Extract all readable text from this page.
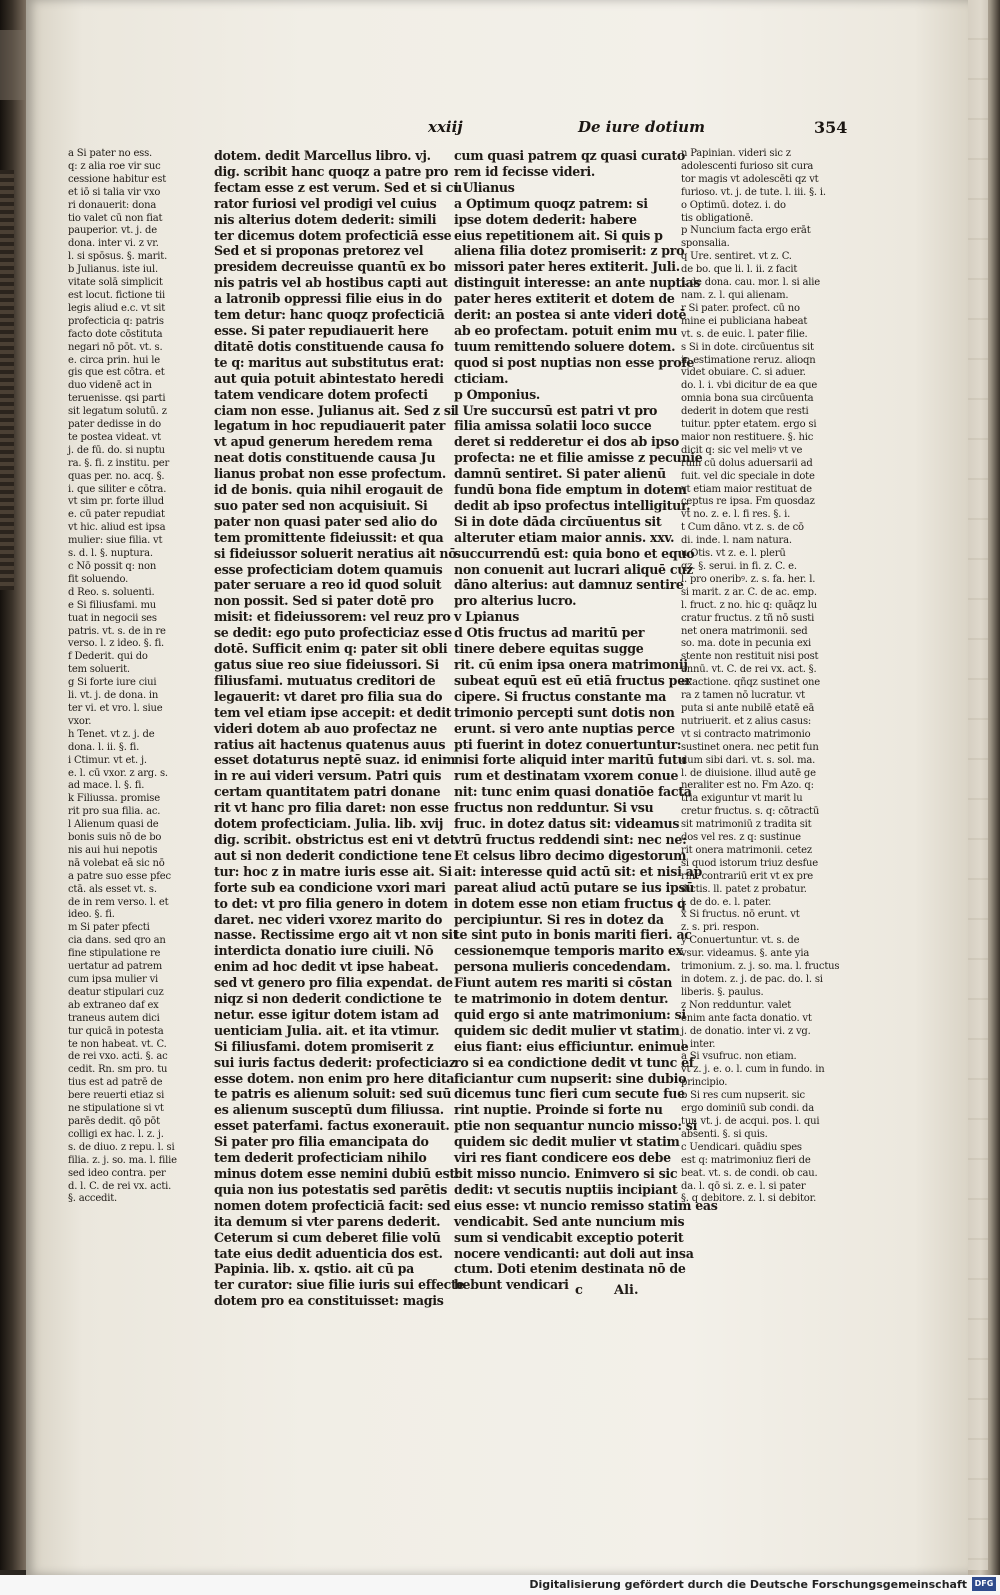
xxiij	De iure dotium	354

a Si pater no ess.

q: z alia roe vir suc

cessione habitur est

et iō si talia vir vxo

ri donauerit: dona

tio valet cū non fiat

pauperior. vt. j. de

dona. inter vi. z vr.

l. si spōsus. §. marit.

b Julianus. iste iul.

vitate solā simplicit

est locut. fictione tii

legis aliud e.c. vt sit

profecticia q: patris

facto dote cōstituta

negari nō pōt. vt. s.

e. circa prin. hui le

gis que est cōtra. et

duo videnē act in

teruenisse. qsi parti

sit legatum solutū. z

pater dedisse in do

te postea videat. vt

j. de fū. do. si nuptu

ra. §. fi. z institu. per

quas per. no. acq. §.

i. que siliter e cōtra.

vt sim pr. forte illud

e. cū pater repudiat

vt hic. aliud est ipsa

mulier: siue filia. vt

s. d. l. §. nuptura.

c Nō possit q: non

fit soluendo.

d Reo. s. soluenti.

e Si filiusfami. mu

tuat in negocii ses

patris. vt. s. de in re

verso. l. z ideo. §. fi.

f Dederit. qui do

tem soluerit.

g Si forte iure ciui

li. vt. j. de dona. in

ter vi. et vro. l. siue

vxor.

h Tenet. vt z. j. de

dona. l. ii. §. fi.

i Ctimur. vt et. j.

e. l. cū vxor. z arg. s.

ad mace. l. §. fi.

k Filiussa. promise

rit pro sua filia. ac.

l Alienum quasi de

bonis suis nō de bo

nis aui hui nepotis

nā volebat eā sic nō

a patre suo esse pfec

ctā. als esset vt. s.

de in rem verso. l. et

ideo. §. fi.

m Si pater pfecti

cia dans. sed qro an

fine stipulatione re

uertatur ad patrem

cum ipsa mulier vi

deatur stipulari cuz

ab extraneo daf ex

traneus autem dici

tur quicā in potesta

te non habeat. vt. C.

de rei vxo. acti. §. ac

cedit. Rn. sm pro. tu

tius est ad patrē de

bere reuerti etiaz si

ne stipulatione si vt

parēs dedit. qō pōt

colligi ex hac. l. z. j.

s. de diuo. z repu. l. si

filia. z. j. so. ma. l. filie

sed ideo contra. per

d. l. C. de rei vx. acti.

§. accedit.

dotem. dedit Marcellus libro. vj.

dig. scribit hanc quoqz a patre pro

fectam esse z est verum. Sed et si cu

rator furiosi vel prodigi vel cuius

nis alterius dotem dederit: simili

ter dicemus dotem profecticiā esse

Sed et si proponas pretorez vel

presidem decreuisse quantū ex bo

nis patris vel ab hostibus capti aut

a latronib oppressi filie eius in do

tem detur: hanc quoqz profecticiā

esse. Si pater repudiauerit here

ditatē dotis constituende causa fo

te q: maritus aut substitutus erat:

aut quia potuit abintestato heredi

tatem vendicare dotem profecti

ciam non esse. Julianus ait. Sed z si

legatum in hoc repudiauerit pater

vt apud generum heredem rema

neat dotis constituende causa Ju

lianus probat non esse profectum.

id de bonis. quia nihil erogauit de

suo pater sed non acquisiuit. Si

pater non quasi pater sed alio do

tem promittente fideiussit: et qua

si fideiussor soluerit neratius ait nō

esse profecticiam dotem quamuis

pater seruare a reo id quod soluit

non possit. Sed si pater dotē pro

misit: et fideiussorem: vel reuz pro

se dedit: ego puto profecticiaz esse

dotē. Sufficit enim q: pater sit obli

gatus siue reo siue fideiussori. Si

filiusfami. mutuatus creditori de

legauerit: vt daret pro filia sua do

tem vel etiam ipse accepit: et dedit

videri dotem ab auo profectaz ne

ratius ait hactenus quatenus auus

esset dotaturus neptē suaz. id enim

in re aui videri versum. Patri quis

certam quantitatem patri donane

rit vt hanc pro filia daret: non esse

dotem profecticiam. Julia. lib. xvij

dig. scribit. obstrictus est eni vt det

aut si non dederit condictione tene

tur: hoc z in matre iuris esse ait. Si

forte sub ea condicione vxori mari

to det: vt pro filia genero in dotem

daret. nec videri vxorez marito do

nasse. Rectissime ergo ait vt non sit

interdicta donatio iure ciuili. Nō

enim ad hoc dedit vt ipse habeat.

sed vt genero pro filia expendat. de

niqz si non dederit condictione te

netur. esse igitur dotem istam ad

uenticiam Julia. ait. et ita vtimur.

Si filiusfami. dotem promiserit z

sui iuris factus dederit: profecticiaz

esse dotem. non enim pro here dita

te patris es alienum soluit: sed suū

es alienum susceptū dum filiussa.

esset paterfami. factus exonerauit.

Si pater pro filia emancipata do

tem dederit profecticiam nihilo

minus dotem esse nemini dubiū est:

quia non ius potestatis sed parētis

nomen dotem profecticiā facit: sed

ita demum si vter parens dederit.

Ceterum si cum deberet filie volū

tate eius dedit aduenticia dos est.

Papinia. lib. x. qstio. ait cū pa

ter curator: siue filie iuris sui effecte

dotem pro ea constituisset: magis

cum quasi patrem qz quasi curato

rem id fecisse videri.

i Ulianus

a Optimum quoqz patrem: si

ipse dotem dederit: habere

eius repetitionem ait. Si quis p

aliena filia dotez promiserit: z pro

missori pater heres extiterit. Juli.

distinguit interesse: an ante nuptias

pater heres extiterit et dotem de

derit: an postea si ante videri dotē

ab eo profectam. potuit enim mu

tuum remittendo soluere dotem.

quod si post nuptias non esse profe

cticiam.

p Omponius.

l Ure succursū est patri vt pro

filia amissa solatii loco succe

deret si redderetur ei dos ab ipso

profecta: ne et filie amisse z pecunie

damnū sentiret. Si pater alienū

fundū bona fide emptum in dotem

dedit ab ipso profectus intelligitur.

Si in dote dāda circūuentus sit

alteruter etiam maior annis. xxv.

succurrendū est: quia bono et equo

non conuenit aut lucrari aliquē cuz

dāno alterius: aut damnuz sentire

pro alterius lucro.

v Lpianus

d Otis fructus ad maritū per

tinere debere equitas sugge

rit. cū enim ipsa onera matrimonij

subeat equū est eū etiā fructus per

cipere. Si fructus constante ma

trimonio percepti sunt dotis non

erunt. si vero ante nuptias perce

pti fuerint in dotez conuertuntur:

nisi forte aliquid inter maritū futu

rum et destinatam vxorem conue

nit: tunc enim quasi donatiōe facta

fructus non redduntur. Si vsu

fruc. in dotez datus sit: videamus

vtrū fructus reddendi sint: nec ne:

Et celsus libro decimo digestorum

ait: interesse quid actū sit: et nisi ap

pareat aliud actū putare se ius ipsū

in dotem esse non etiam fructus q

percipiuntur. Si res in dotez da

te sint puto in bonis mariti fieri. ac

cessionemque temporis marito ex

persona mulieris concedendam.

Fiunt autem res mariti si cōstan

te matrimonio in dotem dentur.

quid ergo si ante matrimonium: si

quidem sic dedit mulier vt statim

eius fiant: eius efficiuntur. enimue

ro si ea condictione dedit vt tunc ef

ficiantur cum nupserit: sine dubio

dicemus tunc fieri cum secute fue

rint nuptie. Proinde si forte nu

ptie non sequantur nuncio misso: si

quidem sic dedit mulier vt statim

viri res fiant condicere eos debe

bit misso nuncio. Enimvero si sic

dedit: vt secutis nuptiis incipiant

eius esse: vt nuncio remisso statim eas

vendicabit. Sed ante nuncium mis

sum si vendicabit exceptio poterit

nocere vendicanti: aut doli aut insa

ctum. Doti etenim destinata nō de

bebunt vendicari

n Papinian. videri sic z

adolescenti furioso sit cura

tor magis vt adolescēti qz vt

furioso. vt. j. de tute. l. iii. §. i.

o Optimū. dotez. i. do

tis obligationē.

p Nuncium facta ergo erāt

sponsalia.

q Ure. sentiret. vt z. C.

de bo. que li. l. ii. z facit

j. de dona. cau. mor. l. si alie

nam. z. l. qui alienam.

r Si pater. profect. cū no

mine ei publiciana habeat

vt. s. de euic. l. pater filie.

s Si in dote. circūuentus sit

in estimatione reruz. alioqn

videt obuiare. C. si aduer.

do. l. i. vbi dicitur de ea que

omnia bona sua circūuenta

dederit in dotem que resti

tuitur. ppter etatem. ergo si

maior non restituere. §. hic

dicit q: sic vel meliꝰ vt ve

rum cū dolus aduersarii ad

fuit. vel dic speciale in dote

vt etiam maior restituat de

ceptus re ipsa. Fm quosdaz

vt no. z. e. l. fi res. §. i.

t Cum dāno. vt z. s. de cō

di. inde. l. nam natura.

u Otis. vt z. e. l. plerū

qz. §. serui. in fi. z. C. e.

l. pro oneribꝰ. z. s. fa. her. l.

si marit. z ar. C. de ac. emp.

l. fruct. z no. hic q: quāqz lu

cratur fructus. z tñ nō susti

net onera matrimonii. sed

so. ma. dote in pecunia exi

stente non restituit nisi post

annū. vt. C. de rei vx. act. §.

exactione. qñqz sustinet one

ra z tamen nō lucratur. vt

puta si ante nubilē etatē eā

nutriuerit. et z alius casus:

vt si contracto matrimonio

sustinet onera. nec petit fun

dum sibi dari. vt. s. sol. ma.

l. de diuisione. illud autē ge

neraliter est no. Fm Azo. q:

tria exiguntur vt marit lu

cretur fructus. s. q: cōtractū

sit matrimoniū z tradita sit

dos vel res. z q: sustinue

rit onera matrimonii. cetez

si quod istorum triuz desfue

rint contrariū erit vt ex pre

dictis. ll. patet z probatur.

j. de do. e. l. pater.

x Si fructus. nō erunt. vt

z. s. pri. respon.

y Conuertuntur. vt. s. de

vsur. videamus. §. ante yia

trimonium. z. j. so. ma. l. fructus

in dotem. z. j. de pac. do. l. si

liberis. §. paulus.

z Non redduntur. valet

enim ante facta donatio. vt

j. de donatio. inter vi. z vg.

l. inter.

a Si vsufruc. non etiam.

vt z. j. e. o. l. cum in fundo. in

principio.

b Si res cum nupserit. sic

ergo dominiū sub condi. da

tur. vt. j. de acqui. pos. l. qui

absenti. §. si quis.

c Uendicari. quādiu spes

est q: matrimoniuz fieri de

beat. vt. s. de condi. ob cau.

da. l. qō si. z. e. l. si pater

§. q debitore. z. l. si debitor.

c Ali.
Digitalisierung gefördert durch die Deutsche Forschungsgemeinschaft DFG
